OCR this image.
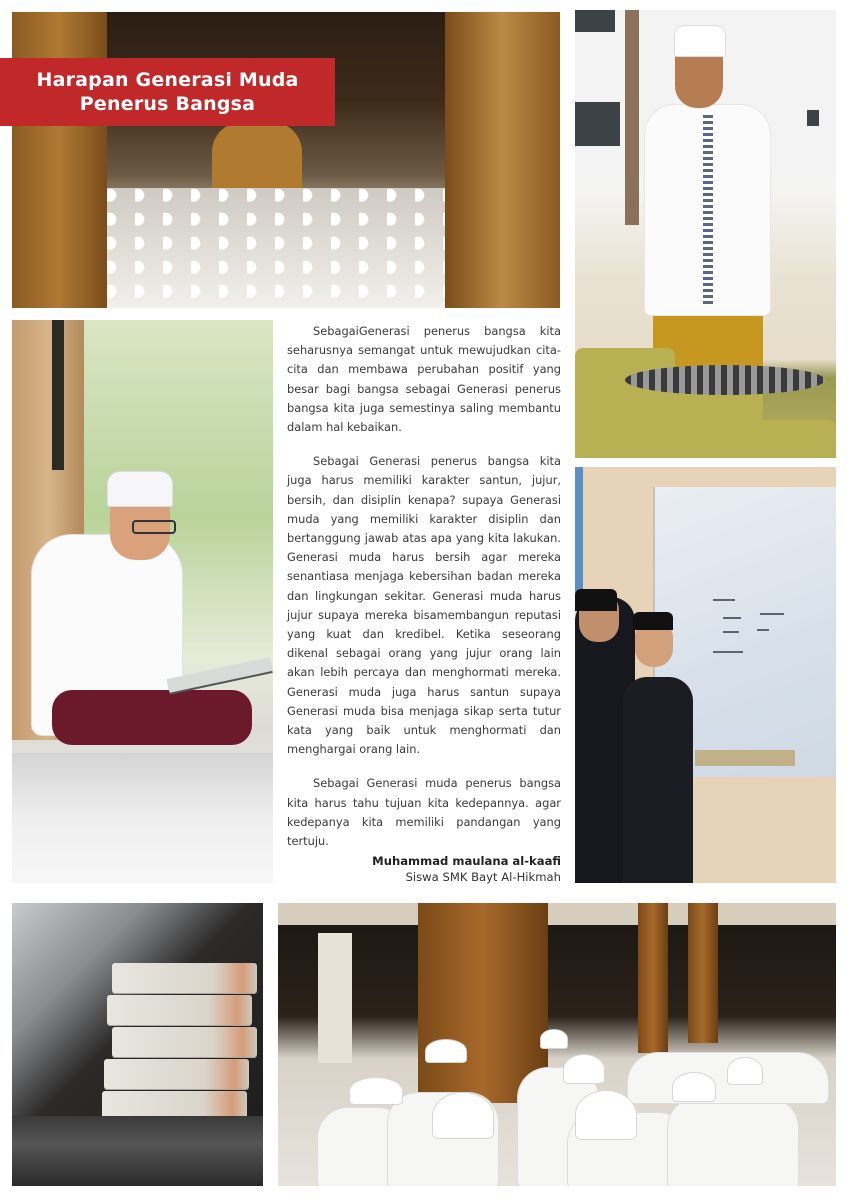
Harapan Generasi Muda
Penerus Bangsa

SebagaiGenerasi penerus bangsa kita seharusnya semangat untuk mewujudkan cita-cita dan membawa perubahan positif yang besar bagi bangsa sebagai Generasi penerus bangsa kita juga semestinya saling membantu dalam hal kebaikan.

Sebagai Generasi penerus bangsa kita juga harus memiliki karakter santun, jujur, bersih, dan disiplin kenapa? supaya Generasi muda yang memiliki karakter disiplin dan bertanggung jawab atas apa yang kita lakukan. Generasi muda harus bersih agar mereka senantiasa menjaga kebersihan badan mereka dan lingkungan sekitar. Generasi muda harus jujur supaya mereka bisamembangun reputasi yang kuat dan kredibel. Ketika seseorang dikenal sebagai orang yang jujur orang lain akan lebih percaya dan menghormati mereka. Generasi muda juga harus santun supaya Generasi muda bisa menjaga sikap serta tutur kata yang baik untuk menghormati dan menghargai orang lain.

Sebagai Generasi muda penerus bangsa kita harus tahu tujuan kita kedepannya. agar kedepanya kita memiliki pandangan yang tertuju.

Muhammad maulana al-kaafi
Siswa SMK Bayt Al-Hikmah
